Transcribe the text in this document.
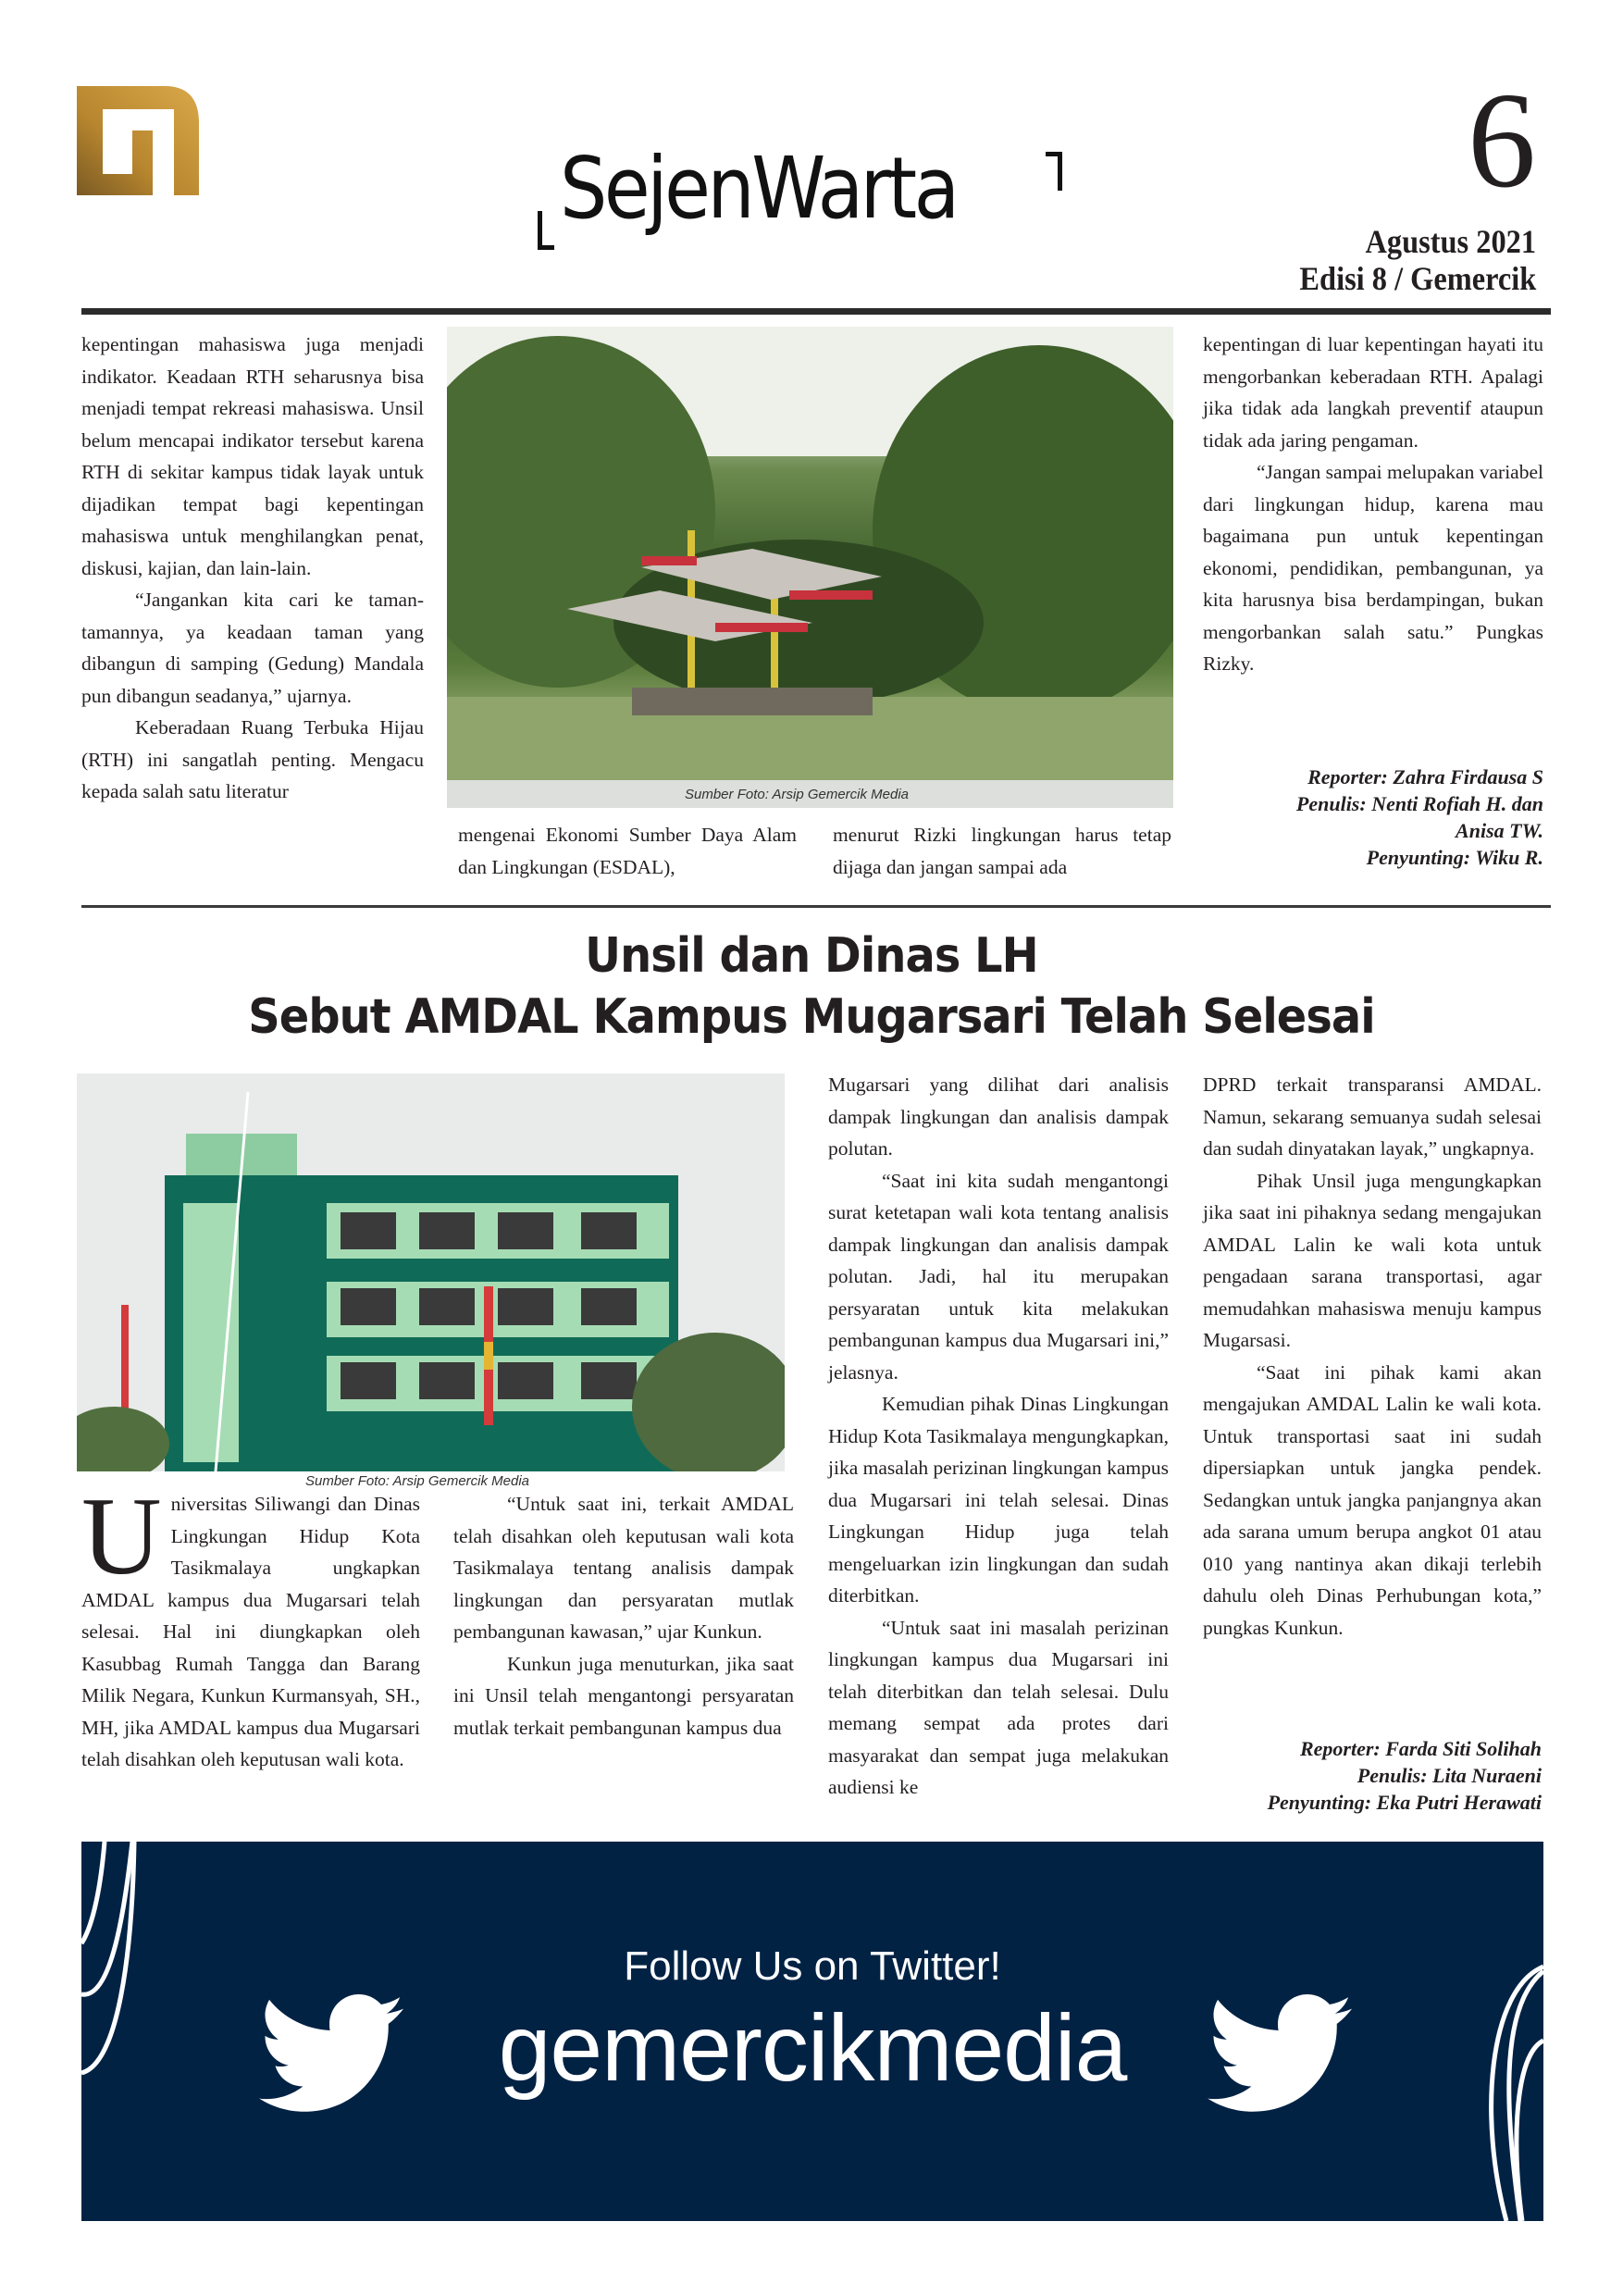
SejenWarta	6
Agustus 2021
Edisi 8 / Gemercik

kepentingan mahasiswa juga menjadi indikator. Keadaan RTH seharusnya bisa menjadi tempat rekreasi mahasiswa. Unsil belum mencapai indikator tersebut karena RTH di sekitar kampus tidak layak untuk dijadikan tempat bagi kepentingan mahasiswa untuk menghilangkan penat, diskusi, kajian, dan lain-lain.

“Jangankan kita cari ke taman-tamannya, ya keadaan taman yang dibangun di samping (Gedung) Mandala pun dibangun seadanya,” ujarnya.

Keberadaan Ruang Terbuka Hijau (RTH) ini sangatlah penting. Mengacu kepada salah satu literatur	Sumber Foto: Arsip Gemercik Media

mengenai Ekonomi Sumber Daya Alam dan Lingkungan (ESDAL),

menurut Rizki lingkungan harus tetap dijaga dan jangan sampai ada

kepentingan di luar kepentingan hayati itu mengorbankan keberadaan RTH. Apalagi jika tidak ada langkah preventif ataupun tidak ada jaring pengaman.

“Jangan sampai melupakan variabel dari lingkungan hidup, karena mau bagaimana pun untuk kepentingan ekonomi, pendidikan, pembangunan, ya kita harusnya bisa berdampingan, bukan mengorbankan salah satu.” Pungkas Rizky.

Reporter: Zahra Firdausa S
Penulis: Nenti Rofiah H. dan
Anisa TW.
Penyunting: Wiku R.
Unsil dan Dinas LH
Sebut AMDAL Kampus Mugarsari Telah Selesai
Sumber Foto: Arsip Gemercik Media

Universitas Siliwangi dan Dinas Lingkungan Hidup Kota Tasikmalaya ungkapkan AMDAL kampus dua Mugarsari telah selesai. Hal ini diungkapkan oleh Kasubbag Rumah Tangga dan Barang Milik Negara, Kunkun Kurmansyah, SH., MH, jika AMDAL kampus dua Mugarsari telah disahkan oleh keputusan wali kota.

“Untuk saat ini, terkait AMDAL telah disahkan oleh keputusan wali kota Tasikmalaya tentang analisis dampak lingkungan dan persyaratan mutlak pembangunan kawasan,” ujar Kunkun.

Kunkun juga menuturkan, jika saat ini Unsil telah mengantongi persyaratan mutlak terkait pembangunan kampus dua

Mugarsari yang dilihat dari analisis dampak lingkungan dan analisis dampak polutan.

“Saat ini kita sudah mengantongi surat ketetapan wali kota tentang analisis dampak lingkungan dan analisis dampak polutan. Jadi, hal itu merupakan persyaratan untuk kita melakukan pembangunan kampus dua Mugarsari ini,” jelasnya.

Kemudian pihak Dinas Lingkungan Hidup Kota Tasikmalaya mengungkapkan, jika masalah perizinan lingkungan kampus dua Mugarsari ini telah selesai. Dinas Lingkungan Hidup juga telah mengeluarkan izin lingkungan dan sudah diterbitkan.

“Untuk saat ini masalah perizinan lingkungan kampus dua Mugarsari ini telah diterbitkan dan telah selesai. Dulu memang sempat ada protes dari masyarakat dan sempat juga melakukan audiensi ke

DPRD terkait transparansi AMDAL. Namun, sekarang semuanya sudah selesai dan sudah dinyatakan layak,” ungkapnya.

Pihak Unsil juga mengungkapkan jika saat ini pihaknya sedang mengajukan AMDAL Lalin ke wali kota untuk pengadaan sarana transportasi, agar memudahkan mahasiswa menuju kampus Mugarsasi.

“Saat ini pihak kami akan mengajukan AMDAL Lalin ke wali kota. Untuk transportasi saat ini sudah dipersiapkan untuk jangka pendek. Sedangkan untuk jangka panjangnya akan ada sarana umum berupa angkot 01 atau 010 yang nantinya akan dikaji terlebih dahulu oleh Dinas Perhubungan kota,” pungkas Kunkun.

Reporter: Farda Siti Solihah
Penulis: Lita Nuraeni
Penyunting: Eka Putri Herawati
Follow Us on Twitter!
gemercikmedia
